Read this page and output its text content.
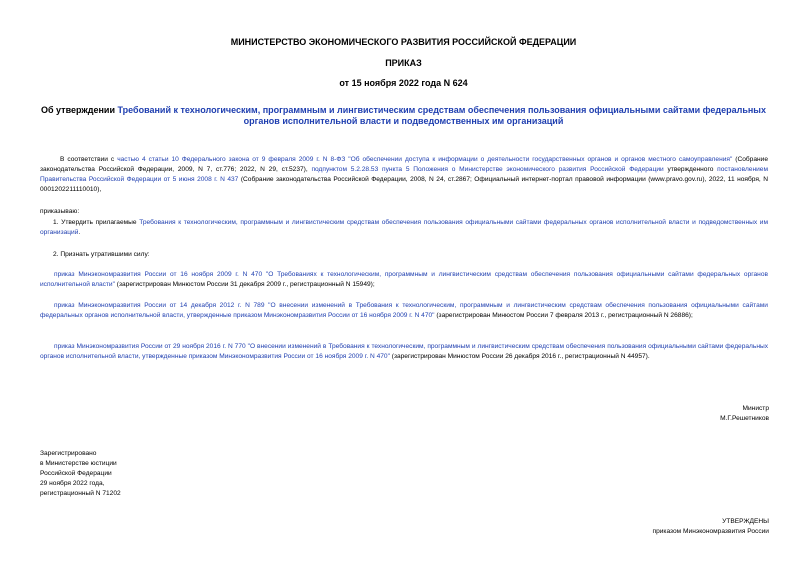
МИНИСТЕРСТВО ЭКОНОМИЧЕСКОГО РАЗВИТИЯ РОССИЙСКОЙ ФЕДЕРАЦИИ
ПРИКАЗ
от 15 ноября 2022 года N 624
Об утверждении Требований к технологическим, программным и лингвистическим средствам обеспечения пользования официальными сайтами федеральных органов исполнительной власти и подведомственных им организаций
В соответствии с частью 4 статьи 10 Федерального закона от 9 февраля 2009 г. N 8-ФЗ "Об обеспечении доступа к информации о деятельности государственных органов и органов местного самоуправления" (Собрание законодательства Российской Федерации, 2009, N 7, ст.776; 2022, N 29, ст.5237), подпунктом 5.2.28.53 пункта 5 Положения о Министерстве экономического развития Российской Федерации утвержденного постановлением Правительства Российской Федерации от 5 июня 2008 г. N 437 (Собрание законодательства Российской Федерации, 2008, N 24, ст.2867; Официальный интернет-портал правовой информации (www.pravo.gov.ru), 2022, 11 ноября, N 0001202211110010),
приказываю:
1. Утвердить прилагаемые Требования к технологическим, программным и лингвистическим средствам обеспечения пользования официальными сайтами федеральных органов исполнительной власти и подведомственных им организаций.
2. Признать утратившими силу:
приказ Минэкономразвития России от 16 ноября 2009 г. N 470 "О Требованиях к технологическим, программным и лингвистическим средствам обеспечения пользования официальными сайтами федеральных органов исполнительной власти" (зарегистрирован Минюстом России 31 декабря 2009 г., регистрационный N 15949);
приказ Минэкономразвития России от 14 декабря 2012 г. N 789 "О внесении изменений в Требования к технологическим, программным и лингвистическим средствам обеспечения пользования официальными сайтами федеральных органов исполнительной власти, утвержденные приказом Минэкономразвития России от 16 ноября 2009 г. N 470" (зарегистрирован Минюстом России 7 февраля 2013 г., регистрационный N 26886);
приказ Минэкономразвития России от 29 ноября 2016 г. N 770 "О внесении изменений в Требования к технологическим, программным и лингвистическим средствам обеспечения пользования официальными сайтами федеральных органов исполнительной власти, утвержденные приказом Минэкономразвития России от 16 ноября 2009 г. N 470" (зарегистрирован Минюстом России 26 декабря 2016 г., регистрационный N 44957).
Министр
М.Г.Решетников
Зарегистрировано
в Министерстве юстиции
Российской Федерации
29 ноября 2022 года,
регистрационный N 71202
УТВЕРЖДЕНЫ
приказом Минэкономразвития России
